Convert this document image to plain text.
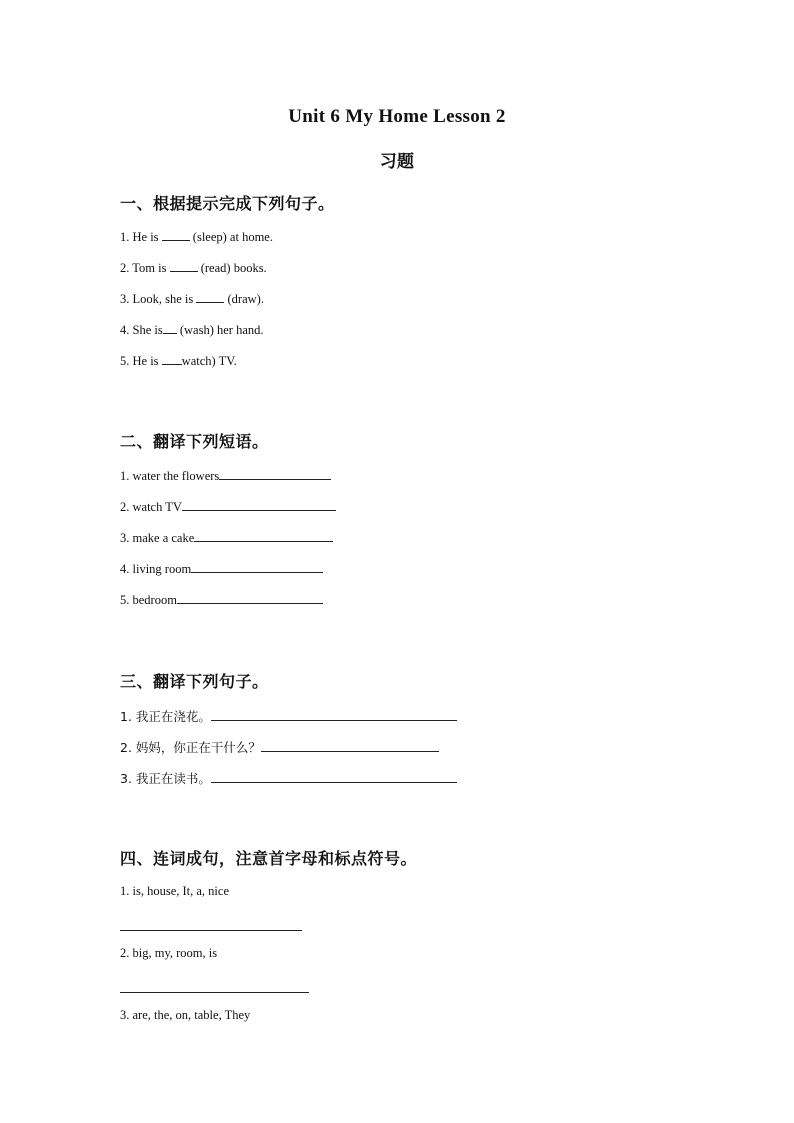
Unit 6 My Home Lesson 2
习题
一、根据提示完成下列句子。
1. He is  (sleep) at home.
2. Tom is  (read) books.
3. Look, she is  (draw).
4. She is (wash) her hand.
5. He is watch) TV.
二、翻译下列短语。
1. water the flowers
2. watch TV
3. make a cake
4. living room
5. bedroom
三、翻译下列句子。
1. 我正在浇花。
2. 妈妈，你正在干什么？
3. 我正在读书。
四、连词成句，注意首字母和标点符号。
1. is, house, It, a, nice
2. big, my, room, is
3. are, the, on, table, They
